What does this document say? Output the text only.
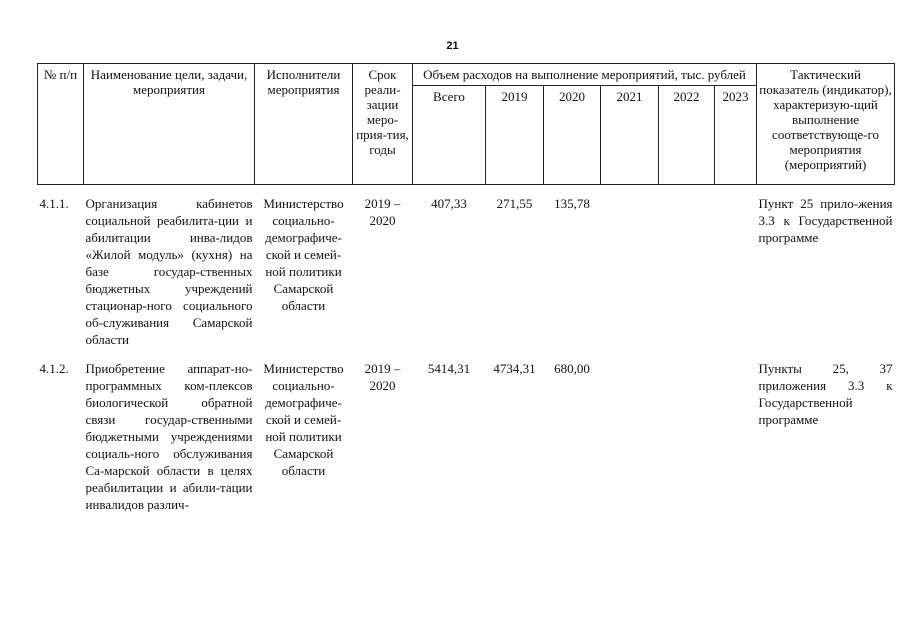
21
№ п/п	Наименование цели, задачи, мероприятия	Исполнители мероприятия	Срок реали-зации меро-прия-тия, годы	Объем расходов на выполнение мероприятий, тыс. рублей						Тактический показатель (индикатор), характеризую-щий выполнение соответствующе-го мероприятия (мероприятий)
				Всего	2019	2020	2021	2022	2023	

4.1.1.	Организация кабинетов социальной реабилита-ции и абилитации инва-лидов «Жилой модуль» (кухня) на базе государ-ственных бюджетных учреждений стационар-ного социального об-служивания Самарской области	Министерство социально-демографиче-ской и семей-ной политики Самарской области	2019 – 2020	407,33	271,55	135,78				Пункт 25 прило-жения 3.3 к Государственной программе

4.1.2.	Приобретение аппарат-но-программных ком-плексов биологической обратной связи государ-ственными бюджетными учреждениями социаль-ного обслуживания Са-марской области в целях реабилитации и абили-тации инвалидов различ-	Министерство социально-демографиче-ской и семей-ной политики Самарской области	2019 – 2020	5414,31	4734,31	680,00				Пункты 25, 37 приложения 3.3 к Государственной программе
